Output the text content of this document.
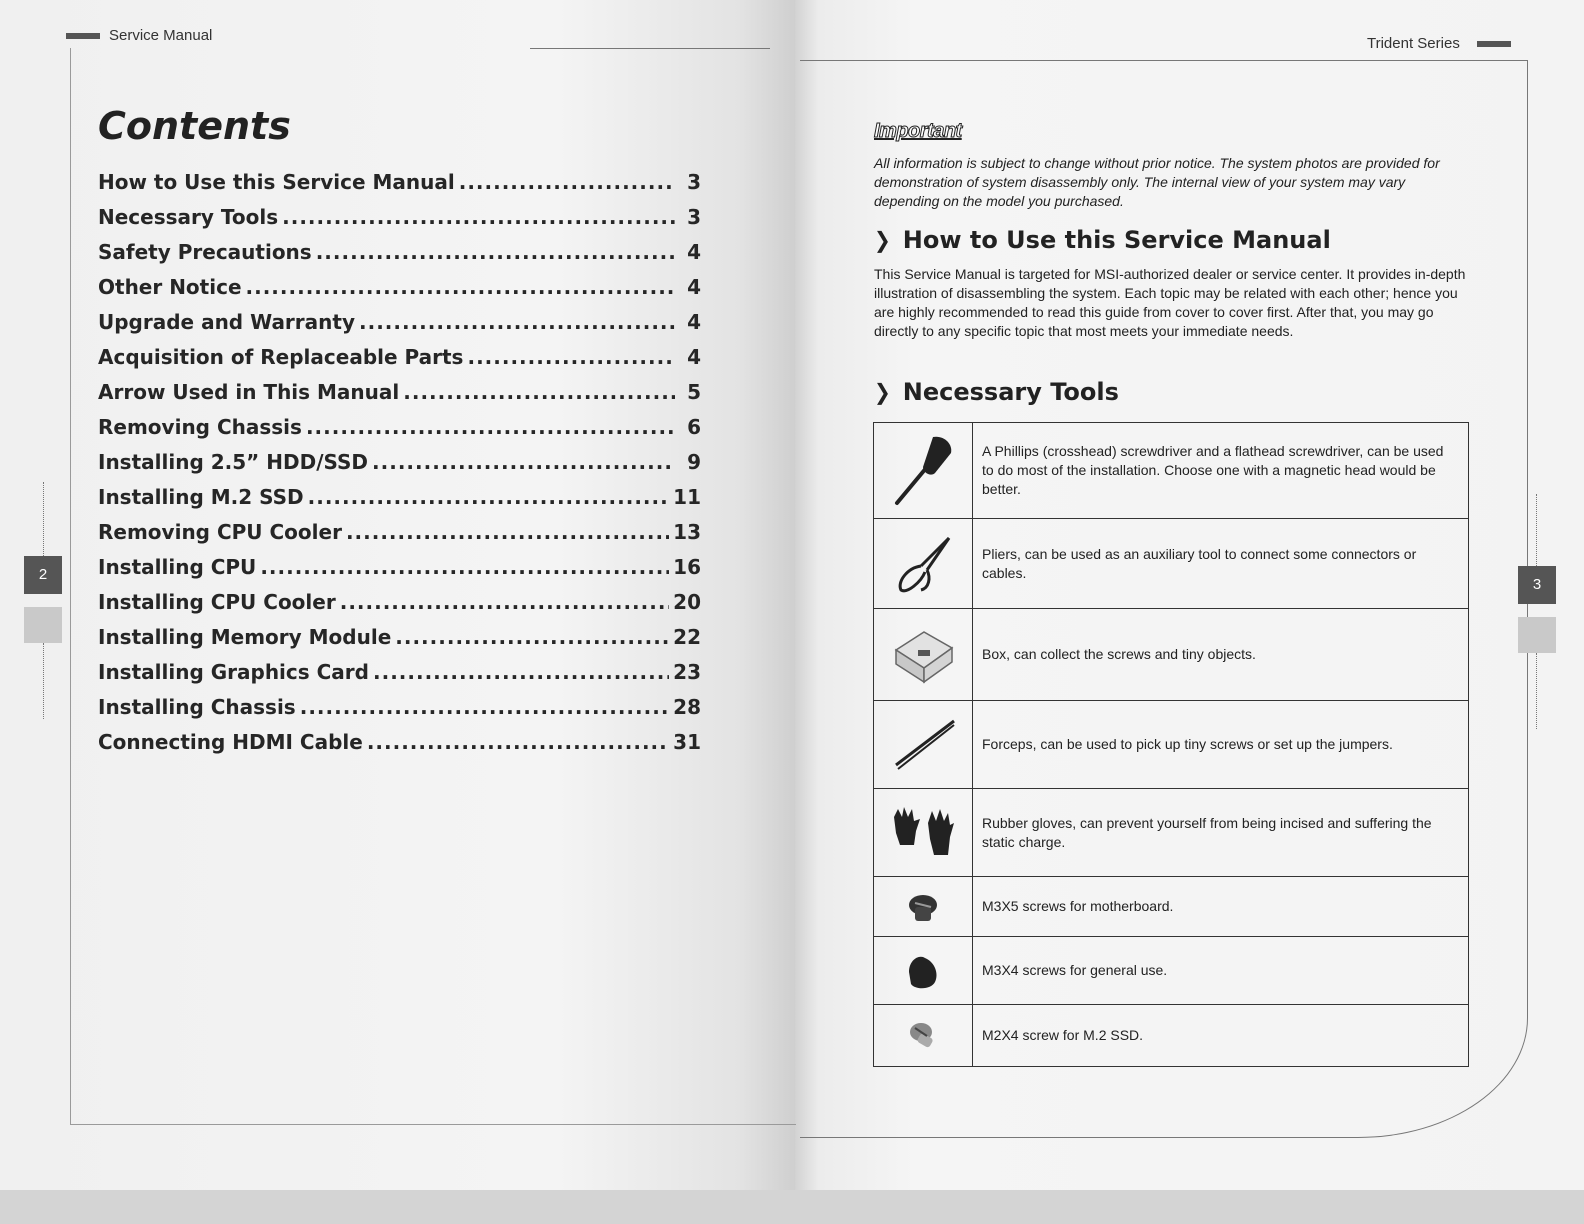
Service Manual
2
Contents
How to Use this Service Manual .....	3
Necessary Tools .....	3
Safety Precautions .....	4
Other Notice .....	4
Upgrade and Warranty .....	4
Acquisition of Replaceable Parts .....	4
Arrow Used in This Manual .....	5
Removing Chassis .....	6
Installing 2.5” HDD/SSD .....	9
Installing M.2 SSD .....	11
Removing CPU Cooler .....	13
Installing CPU .....	16
Installing CPU Cooler .....	20
Installing Memory Module .....	22
Installing Graphics Card .....	23
Installing Chassis .....	28
Connecting HDMI Cable .....	31
Trident Series
3
Important

All information is subject to change without prior notice. The system photos are provided for demonstration of system disassembly only. The internal view of your system may vary depending on the model you purchased.

❯ How to Use this Service Manual

This Service Manual is targeted for MSI-authorized dealer or service center. It provides in-depth illustration of disassembling the system. Each topic may be related with each other; hence you are highly recommended to read this guide from cover to cover first. After that, you may go directly to any specific topic that most meets your immediate needs.

❯ Necessary Tools
	A Phillips (crosshead) screwdriver and a flathead screwdriver, can be used to do most of the installation. Choose one with a magnetic head would be better.

	Pliers, can be used as an auxiliary tool to connect some connectors or cables.

	Box, can collect the screws and tiny objects.

	Forceps, can be used to pick up tiny screws or set up the jumpers.

	Rubber gloves, can prevent yourself from being incised and suffering the static charge.

	M3X5 screws for motherboard.

	M3X4 screws for general use.

	M2X4 screw for M.2 SSD.
